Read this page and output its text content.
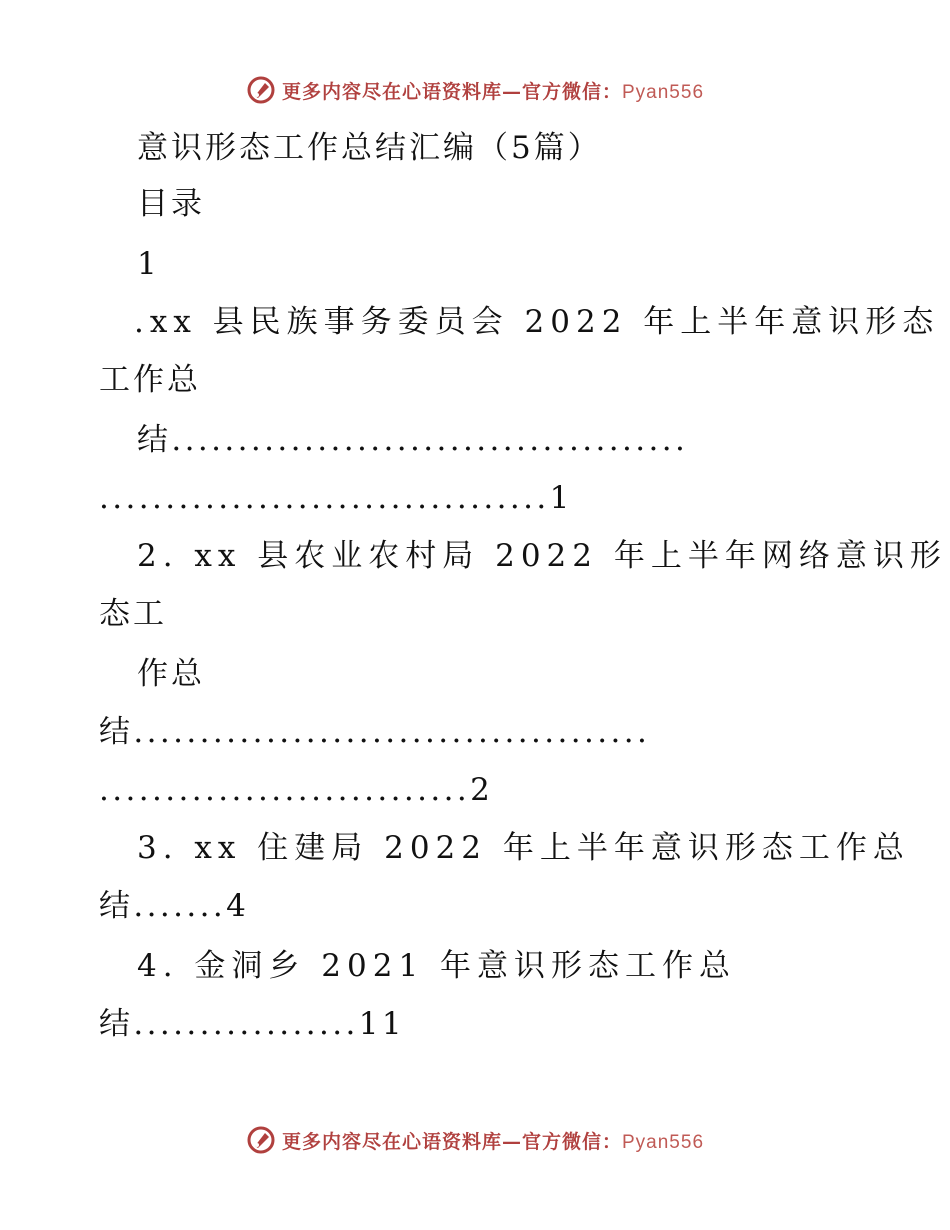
更多内容尽在心语资料库—官方微信：Pyan556
意识形态工作总结汇编（5篇）
目录
1
.xx 县民族事务委员会 2022 年上半年意识形态
工作总
结.......................................
..................................1
2. xx 县农业农村局 2022 年上半年网络意识形
态工
作总
结.......................................
............................2
3. xx 住建局 2022 年上半年意识形态工作总
结.......4
4. 金洞乡 2021 年意识形态工作总
结.................11
更多内容尽在心语资料库—官方微信：Pyan556
